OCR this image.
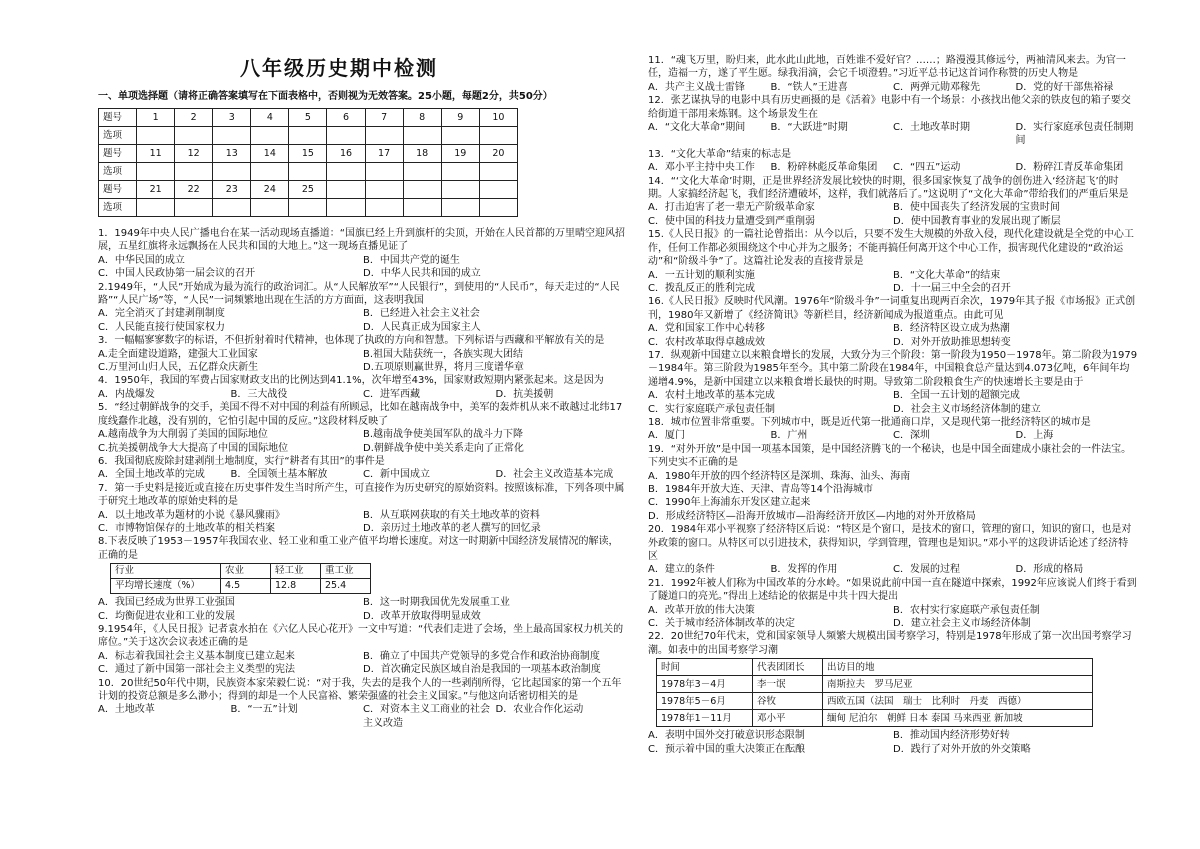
八年级历史期中检测
一、单项选择题（请将正确答案填写在下面表格中，否则视为无效答案。25小题，每题2分，共50分）
题号	1	2	3	4	5	6	7	8	9	10
选项										
题号	11	12	13	14	15	16	17	18	19	20
选项										
题号	21	22	23	24	25					
选项										

1．1949年中央人民广播电台在某一活动现场直播道：“国旗已经上升到旗杆的尖顶，开始在人民首都的万里晴空迎风招展，五星红旗将永远飘扬在人民共和国的大地上。”这一现场直播见证了

A．中华民国的成立	B．中国共产党的诞生
C．中国人民政协第一届会议的召开	D．中华人民共和国的成立

2.1949年，“人民”开始成为最为流行的政治词汇。从“人民解放军”“人民银行”，到使用的“人民币”，每天走过的“人民路”“人民广场”等，“人民”一词频繁地出现在生活的方方面面，这表明我国

A．完全消灭了封建剥削制度	B．已经进入社会主义社会
C．人民能直接行使国家权力	D．人民真正成为国家主人

3．一幅幅寥寥数字的标语，不但折射着时代精神，也体现了执政的方向和智慧。下列标语与西藏和平解放有关的是

A.走全面建设道路，建强大工业国家	B.祖国大陆获统一，各族实现大团结
C.万里河山归人民，五亿群众庆新生	D.五项原则赢世界，将月三度谱华章

4．1950年，我国的军费占国家财政支出的比例达到41.1%，次年增至43%，国家财政短期内紧张起来。这是因为

A．内战爆发	B．三大战役	C．进军西藏	D．抗美援朝

5．“经过朝鲜战争的交手，美国不得不对中国的利益有所顾忌，比如在越南战争中，美军的轰炸机从来不敢越过北纬17度线蠢作北越，没有别的，它怕引起中国的反应。”这段材料反映了

A.越南战争为大削弱了美国的国际地位	B.越南战争使美国军队的战斗力下降
C.抗美援朝战争大大提高了中国的国际地位	D.朝鲜战争使中美关系走向了正常化

6．我国彻底废除封建剥削土地制度，实行“耕者有其田”的事件是

A．全国土地改革的完成	B．全国领土基本解放	C．新中国成立	D．社会主义改造基本完成

7．第一手史料是接近或直接在历史事件发生当时所产生，可直接作为历史研究的原始资料。按照该标准，下列各项中属于研究土地改革的原始史料的是

A．以土地改革为题材的小说《暴风骤雨》	B．从互联网获取的有关土地改革的资料
C．市博物馆保存的土地改革的相关档案	D．亲历过土地改革的老人撰写的回忆录

8.下表反映了1953－1957年我国农业、轻工业和重工业产值平均增长速度。对这一时期新中国经济发展情况的解读，正确的是

行业	农业	轻工业	重工业
平均增长速度（%）	4.5	12.8	25.4
A．我国已经成为世界工业强国	B．这一时期我国优先发展重工业
C．均衡促进农业和工业的发展	D．改革开放取得明显成效

9.1954年，《人民日报》记者袁水拍在《六亿人民心花开》一文中写道：“代表们走进了会场，坐上最高国家权力机关的席位。”关于这次会议表述正确的是

A．标志着我国社会主义基本制度已建立起来	B．确立了中国共产党领导的多党合作和政治协商制度
C．通过了新中国第一部社会主义类型的宪法	D．首次确定民族区域自治是我国的一项基本政治制度

10．20世纪50年代中期，民族资本家荣毅仁说：“对于我，失去的是我个人的一些剥削所得，它比起国家的第一个五年计划的投资总额是多么渺小；得到的却是一个人民富裕、繁荣强盛的社会主义国家。”与他这向话密切相关的是

A．土地改革	B．“一五”计划	C．对资本主义工商业的社会主义改造
D．农业合作化运动

11．“魂飞万里，盼归来，此水此山此地，百姓谁不爱好官？……；路漫漫其修远兮，两袖清风来去。为官一任，造福一方，遂了平生愿。绿我涓滴，会它千顷澄碧。”习近平总书记这首词作称赞的历史人物是

A．共产主义战士雷锋	B．“铁人”王进喜	C．两弹元勋邓稼先	D．党的好干部焦裕禄

12．张艺谋执导的电影中具有历史画摄的是《活着》电影中有一个场景：小孩找出他父亲的铁皮包的箱子要交给街道干部用来炼钢。这个场景发生在

A．“文化大革命”期间	B．“大跃进”时期	C．土地改革时期	D．实行家庭承包责任制期间

13．“文化大革命”结束的标志是

A．邓小平主持中央工作	B．粉碎林彪反革命集团	C．“四五”运动	D．粉碎江青反革命集团

14．“‘文化大革命’时期，正是世界经济发展比较快的时期，很多国家恢复了战争的创伤进入‘经济起飞’的时期。人家搞经济起飞，我们经济遭破坏，这样，我们就落后了。”这说明了“文化大革命”带给我们的严重后果是

A．打击迫害了老一辈无产阶级革命家	B．使中国丧失了经济发展的宝贵时间
C．使中国的科技力量遭受到严重削弱	D．使中国教育事业的发展出现了断层

15.《人民日报》的一篇社论曾指出：从今以后，只要不发生大规模的外敌入侵，现代化建设就是全党的中心工作，任何工作都必须围绕这个中心并为之服务；不能再搞任何离开这个中心工作，损害现代化建设的“政治运动”和“阶级斗争”了。这篇社论发表的直接背景是

A．一五计划的顺利实施	B．“文化大革命”的结束
C．拨乱反正的胜利完成	D．十一届三中全会的召开

16.《人民日报》反映时代风潮。1976年“阶级斗争”一词重复出现两百余次，1979年其子报《市场报》正式创刊，1980年又新增了《经济简讯》等新栏目，经济新闻成为报道重点。由此可见

A．党和国家工作中心转移	B．经济特区设立成为热潮
C．农村改革取得卓越成效	D．对外开放助推思想转变

17．纵观新中国建立以来粮食增长的发展，大致分为三个阶段：第一阶段为1950－1978年。第二阶段为1979－1984年。第三阶段为1985年至今。其中第二阶段在1984年，中国粮食总产量达到4.073亿吨，6年间年均递增4.9%，是新中国建立以来粮食增长最快的时期。导致第二阶段粮食生产的快速增长主要是由于

A．农村土地改革的基本完成	B．全国一五计划的超额完成
C．实行家庭联产承包责任制	D．社会主义市场经济体制的建立

18．城市位置非常重要。下列城市中，既是近代第一批通商口岸，又是现代第一批经济特区的城市是

A．厦门	B．广州	C．深圳	D．上海

19．“对外开放”是中国一项基本国策，是中国经济腾飞的一个秘诀，也是中国全面建成小康社会的一件法宝。下列史实不正确的是

A．1980年开放的四个经济特区是深圳、珠海、汕头、海南
B．1984年开放大连、天津、青岛等14个沿海城市
C．1990年上海浦东开发区建立起来
D．形成经济特区—沿海开放城市—沿海经济开放区—内地的对外开放格局

20．1984年邓小平视察了经济特区后说：“特区是个窗口，是技术的窗口，管理的窗口，知识的窗口，也是对外政策的窗口。从特区可以引进技术，获得知识，学到管理，管理也是知识。”邓小平的这段讲话论述了经济特区

A．建立的条件	B．发挥的作用	C．发展的过程	D．形成的格局

21．1992年被人们称为中国改革的分水岭。“如果说此前中国一直在隧道中探索，1992年应该说人们终于看到了隧道口的亮光。”得出上述结论的依据是中共十四大提出

A．改革开放的伟大决策	B．农村实行家庭联产承包责任制
C．关于城市经济体制改革的决定	D．建立社会主义市场经济体制

22．20世纪70年代末，党和国家领导人频繁大规模出国考察学习，特别是1978年形成了第一次出国考察学习潮。如表中的出国考察学习潮

时间	代表团团长	出访目的地
1978年3－4月	李一氓	南斯拉夫　罗马尼亚
1978年5－6月	谷牧	西欧五国（法国　瑞士　比利时　丹麦　西德）
1978年1－11月	邓小平	缅甸 尼泊尔　朝鲜 日本 泰国 马来西亚 新加坡
A．表明中国外交打破意识形态限制	B．推动国内经济形势好转
C．预示着中国的重大决策正在酝酿	D．践行了对外开放的外交策略
